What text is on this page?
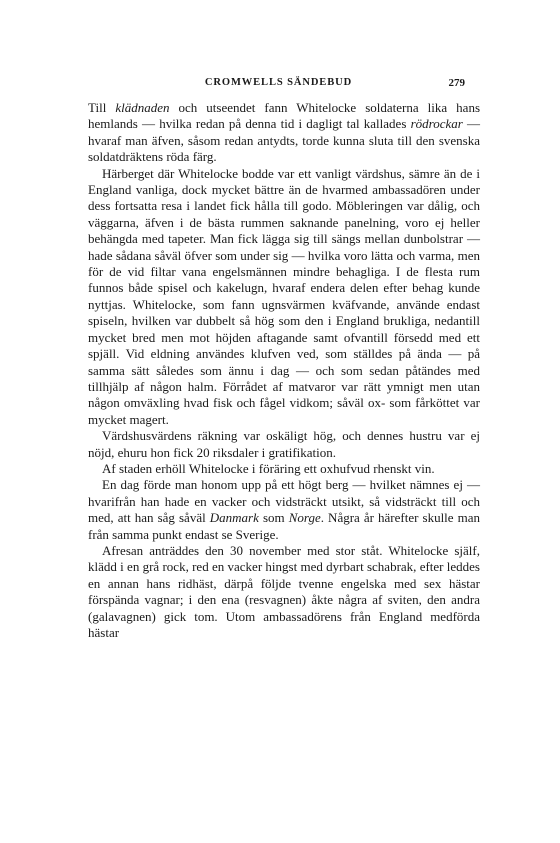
CROMWELLS SÄNDEBUD	279

Till klädnaden och utseendet fann Whitelocke soldaterna lika hans hemlands — hvilka redan på denna tid i dagligt tal kallades rödrockar — hvaraf man äfven, såsom redan antydts, torde kunna sluta till den svenska soldatdräktens röda färg.

Härberget där Whitelocke bodde var ett vanligt värdshus, sämre än de i England vanliga, dock mycket bättre än de hvarmed ambassadören under dess fortsatta resa i landet fick hålla till godo. Möbleringen var dålig, och väggarna, äfven i de bästa rummen saknande panelning, voro ej heller behängda med tapeter. Man fick lägga sig till sängs mellan dunbolstrar — hade sådana såväl öfver som under sig — hvilka voro lätta och varma, men för de vid filtar vana engelsmännen mindre behagliga. I de flesta rum funnos både spisel och kakelugn, hvaraf endera delen efter behag kunde nyttjas. Whitelocke, som fann ugnsvärmen kväfvande, använde endast spiseln, hvilken var dubbelt så hög som den i England brukliga, nedantill mycket bred men mot höjden aftagande samt ofvantill försedd med ett spjäll. Vid eldning användes klufven ved, som ställdes på ända — på samma sätt således som ännu i dag — och som sedan påtändes med tillhjälp af någon halm. Förrådet af matvaror var rätt ymnigt men utan någon omväxling hvad fisk och fågel vidkom; såväl ox- som fårköttet var mycket magert.

Värdshusvärdens räkning var oskäligt hög, och dennes hustru var ej nöjd, ehuru hon fick 20 riksdaler i gratifikation.

Af staden erhöll Whitelocke i föräring ett oxhufvud rhenskt vin.

En dag förde man honom upp på ett högt berg — hvilket nämnes ej — hvarifrån han hade en vacker och vidsträckt utsikt, så vidsträckt till och med, att han såg såväl Danmark som Norge. Några år härefter skulle man från samma punkt endast se Sverige.

Afresan anträddes den 30 november med stor ståt. Whitelocke själf, klädd i en grå rock, red en vacker hingst med dyrbart schabrak, efter leddes en annan hans ridhäst, därpå följde tvenne engelska med sex hästar förspända vagnar; i den ena (resvagnen) åkte några af sviten, den andra (galavagnen) gick tom. Utom ambassadörens från England medförda hästar
